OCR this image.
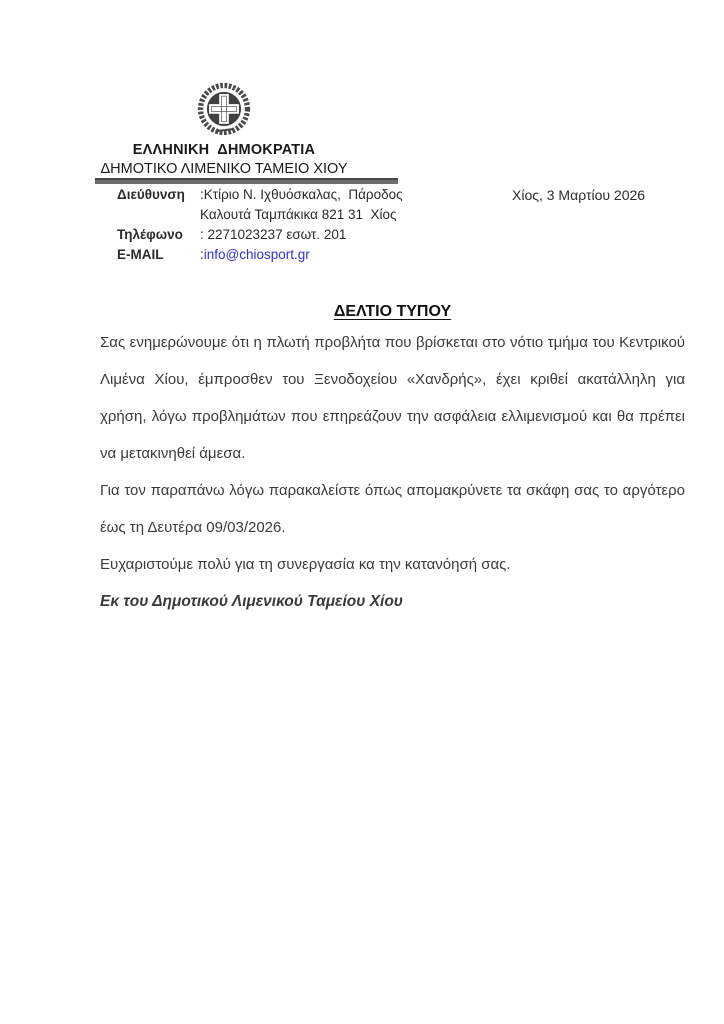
ΕΛΛΗΝΙΚΗ  ΔΗΜΟΚΡΑΤΙΑ
ΔΗΜΟΤΙΚΟ ΛΙΜΕΝΙΚΟ ΤΑΜΕΙΟ ΧΙΟΥ
Διεύθυνση	:Κτίριο Ν. Ιχθυόσκαλας,  Πάροδος
Καλουτά Ταμπάκικα 821 31  Χίος
Τηλέφωνο	: 2271023237 εσωτ. 201
E-MAIL	:info@chiosport.gr
Χίος, 3 Μαρτίου 2026
ΔΕΛΤΙΟ ΤΥΠΟΥ

Σας ενημερώνουμε ότι η πλωτή προβλήτα που βρίσκεται στο νότιο τμήμα του Κεντρικού Λιμένα Χίου, έμπροσθεν του Ξενοδοχείου «Χανδρής», έχει κριθεί ακατάλληλη για χρήση, λόγω προβλημάτων που επηρεάζουν την ασφάλεια ελλιμενισμού και θα πρέπει να μετακινηθεί άμεσα.

Για τον παραπάνω λόγω παρακαλείστε όπως απομακρύνετε τα σκάφη σας το αργότερο έως τη Δευτέρα 09/03/2026.

Ευχαριστούμε πολύ για τη συνεργασία κα την κατανόησή σας.

Εκ του Δημοτικού Λιμενικού Ταμείου Χίου
